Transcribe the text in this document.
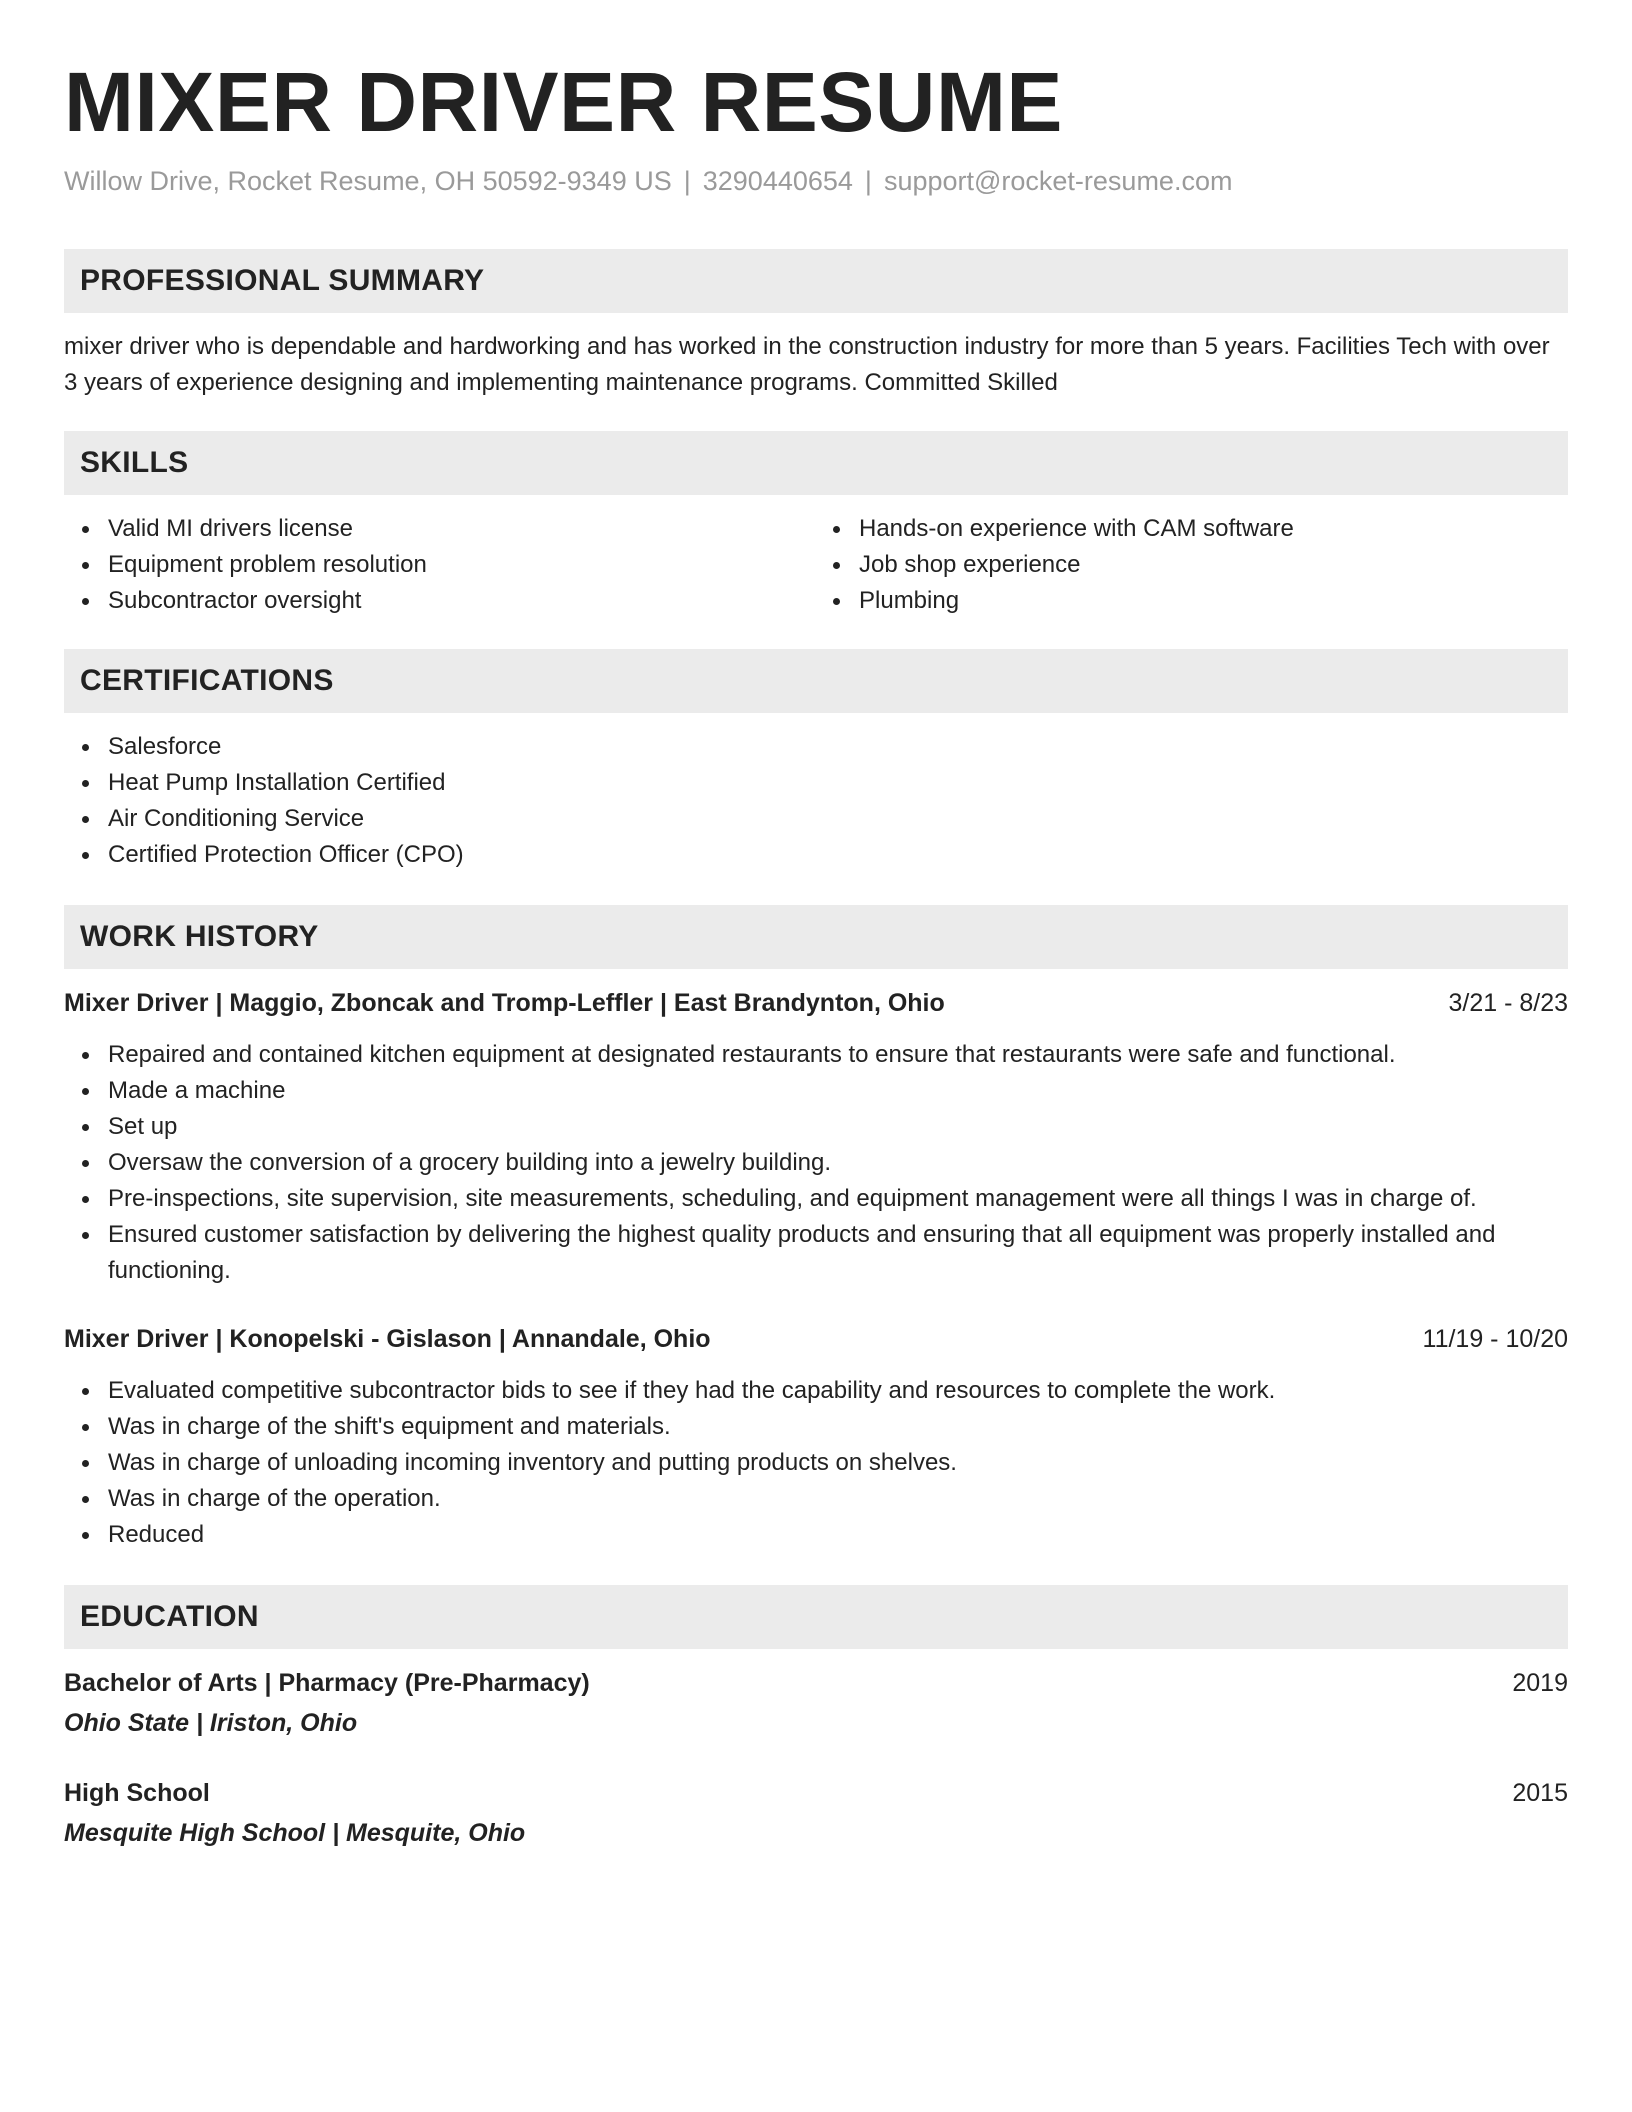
MIXER DRIVER RESUME
Willow Drive, Rocket Resume, OH 50592-9349 US | 3290440654 | support@rocket-resume.com
PROFESSIONAL SUMMARY

mixer driver who is dependable and hardworking and has worked in the construction industry for more than 5 years. Facilities Tech with over 3 years of experience designing and implementing maintenance programs. Committed Skilled

SKILLS
Valid MI drivers license
Equipment problem resolution
Subcontractor oversight
Hands-on experience with CAM software
Job shop experience
Plumbing
CERTIFICATIONS
Salesforce
Heat Pump Installation Certified
Air Conditioning Service
Certified Protection Officer (CPO)
WORK HISTORY
Mixer Driver | Maggio, Zboncak and Tromp-Leffler | East Brandynton, Ohio	3/21 - 8/23
Repaired and contained kitchen equipment at designated restaurants to ensure that restaurants were safe and functional.
Made a machine
Set up
Oversaw the conversion of a grocery building into a jewelry building.
Pre-inspections, site supervision, site measurements, scheduling, and equipment management were all things I was in charge of.
Ensured customer satisfaction by delivering the highest quality products and ensuring that all equipment was properly installed and functioning.
Mixer Driver | Konopelski - Gislason | Annandale, Ohio	11/19 - 10/20
Evaluated competitive subcontractor bids to see if they had the capability and resources to complete the work.
Was in charge of the shift's equipment and materials.
Was in charge of unloading incoming inventory and putting products on shelves.
Was in charge of the operation.
Reduced
EDUCATION
Bachelor of Arts | Pharmacy (Pre-Pharmacy)	2019
Ohio State | Iriston, Ohio
High School	2015
Mesquite High School | Mesquite, Ohio
